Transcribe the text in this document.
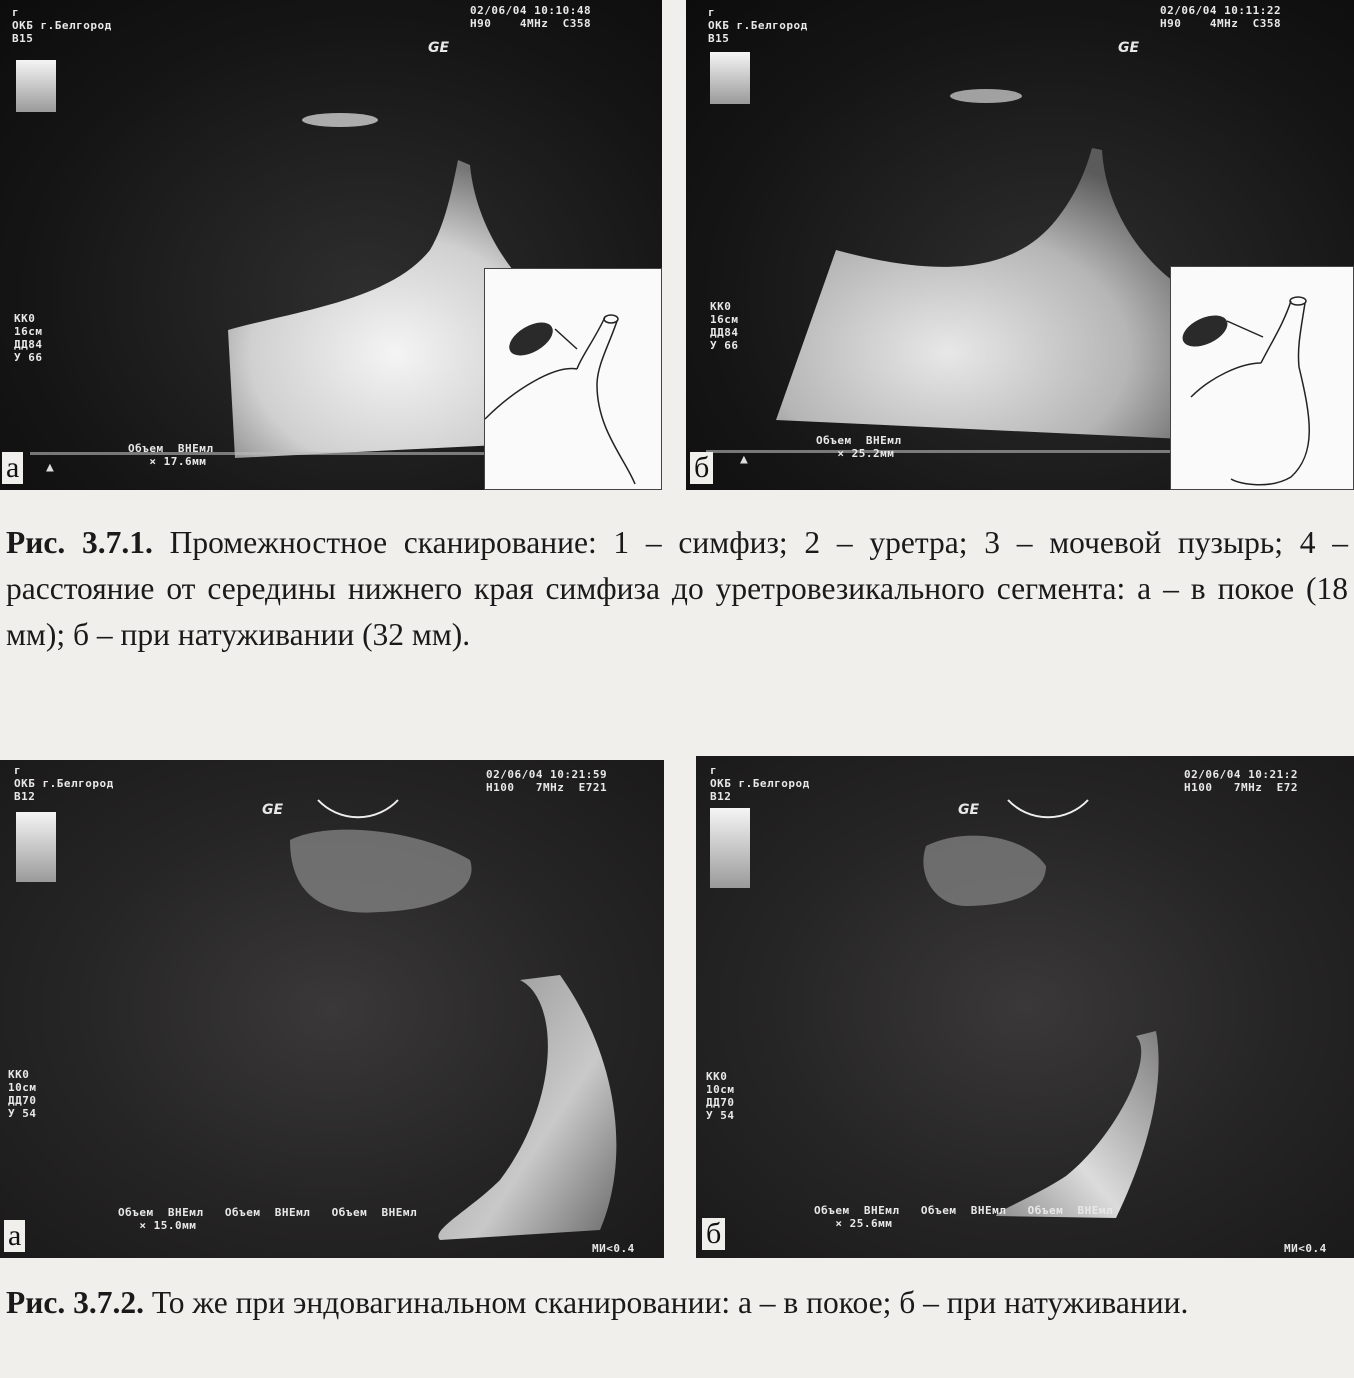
г
ОКБ г.Белгород
В15
02/06/04 10:10:48
Н90    4MHz  С358
GE
КК0
16см
ДД84
У 66
Объем  ВНЕмл
× 17.6мм
▲
а
г
ОКБ г.Белгород
В15
02/06/04 10:11:22
Н90    4MHz  С358
GE
КК0
16см
ДД84
У 66
Объем  ВНЕмл
× 25.2мм
▲
б
Рис. 3.7.1. Промежностное сканирование: 1 – симфиз; 2 – уретра; 3 – мочевой пузырь; 4 – расстояние от середины нижнего края симфиза до уретровезикального сегмента: а – в покое (18 мм); б – при натуживании (32 мм).
г
ОКБ г.Белгород
В12
02/06/04 10:21:59
Н100   7MHz  Е721
GE
КК0
10см
ДД70
У 54
Объем  ВНЕмл   Объем  ВНЕмл   Объем  ВНЕмл
× 15.0мм
МИ<0.4
а
г
ОКБ г.Белгород
В12
02/06/04 10:21:2
Н100   7MHz  Е72
GE
КК0
10см
ДД70
У 54
Объем  ВНЕмл   Объем  ВНЕмл   Объем  ВНЕмл
× 25.6мм
МИ<0.4
б
Рис. 3.7.2. То же при эндовагинальном сканировании: а – в покое; б – при натуживании.
